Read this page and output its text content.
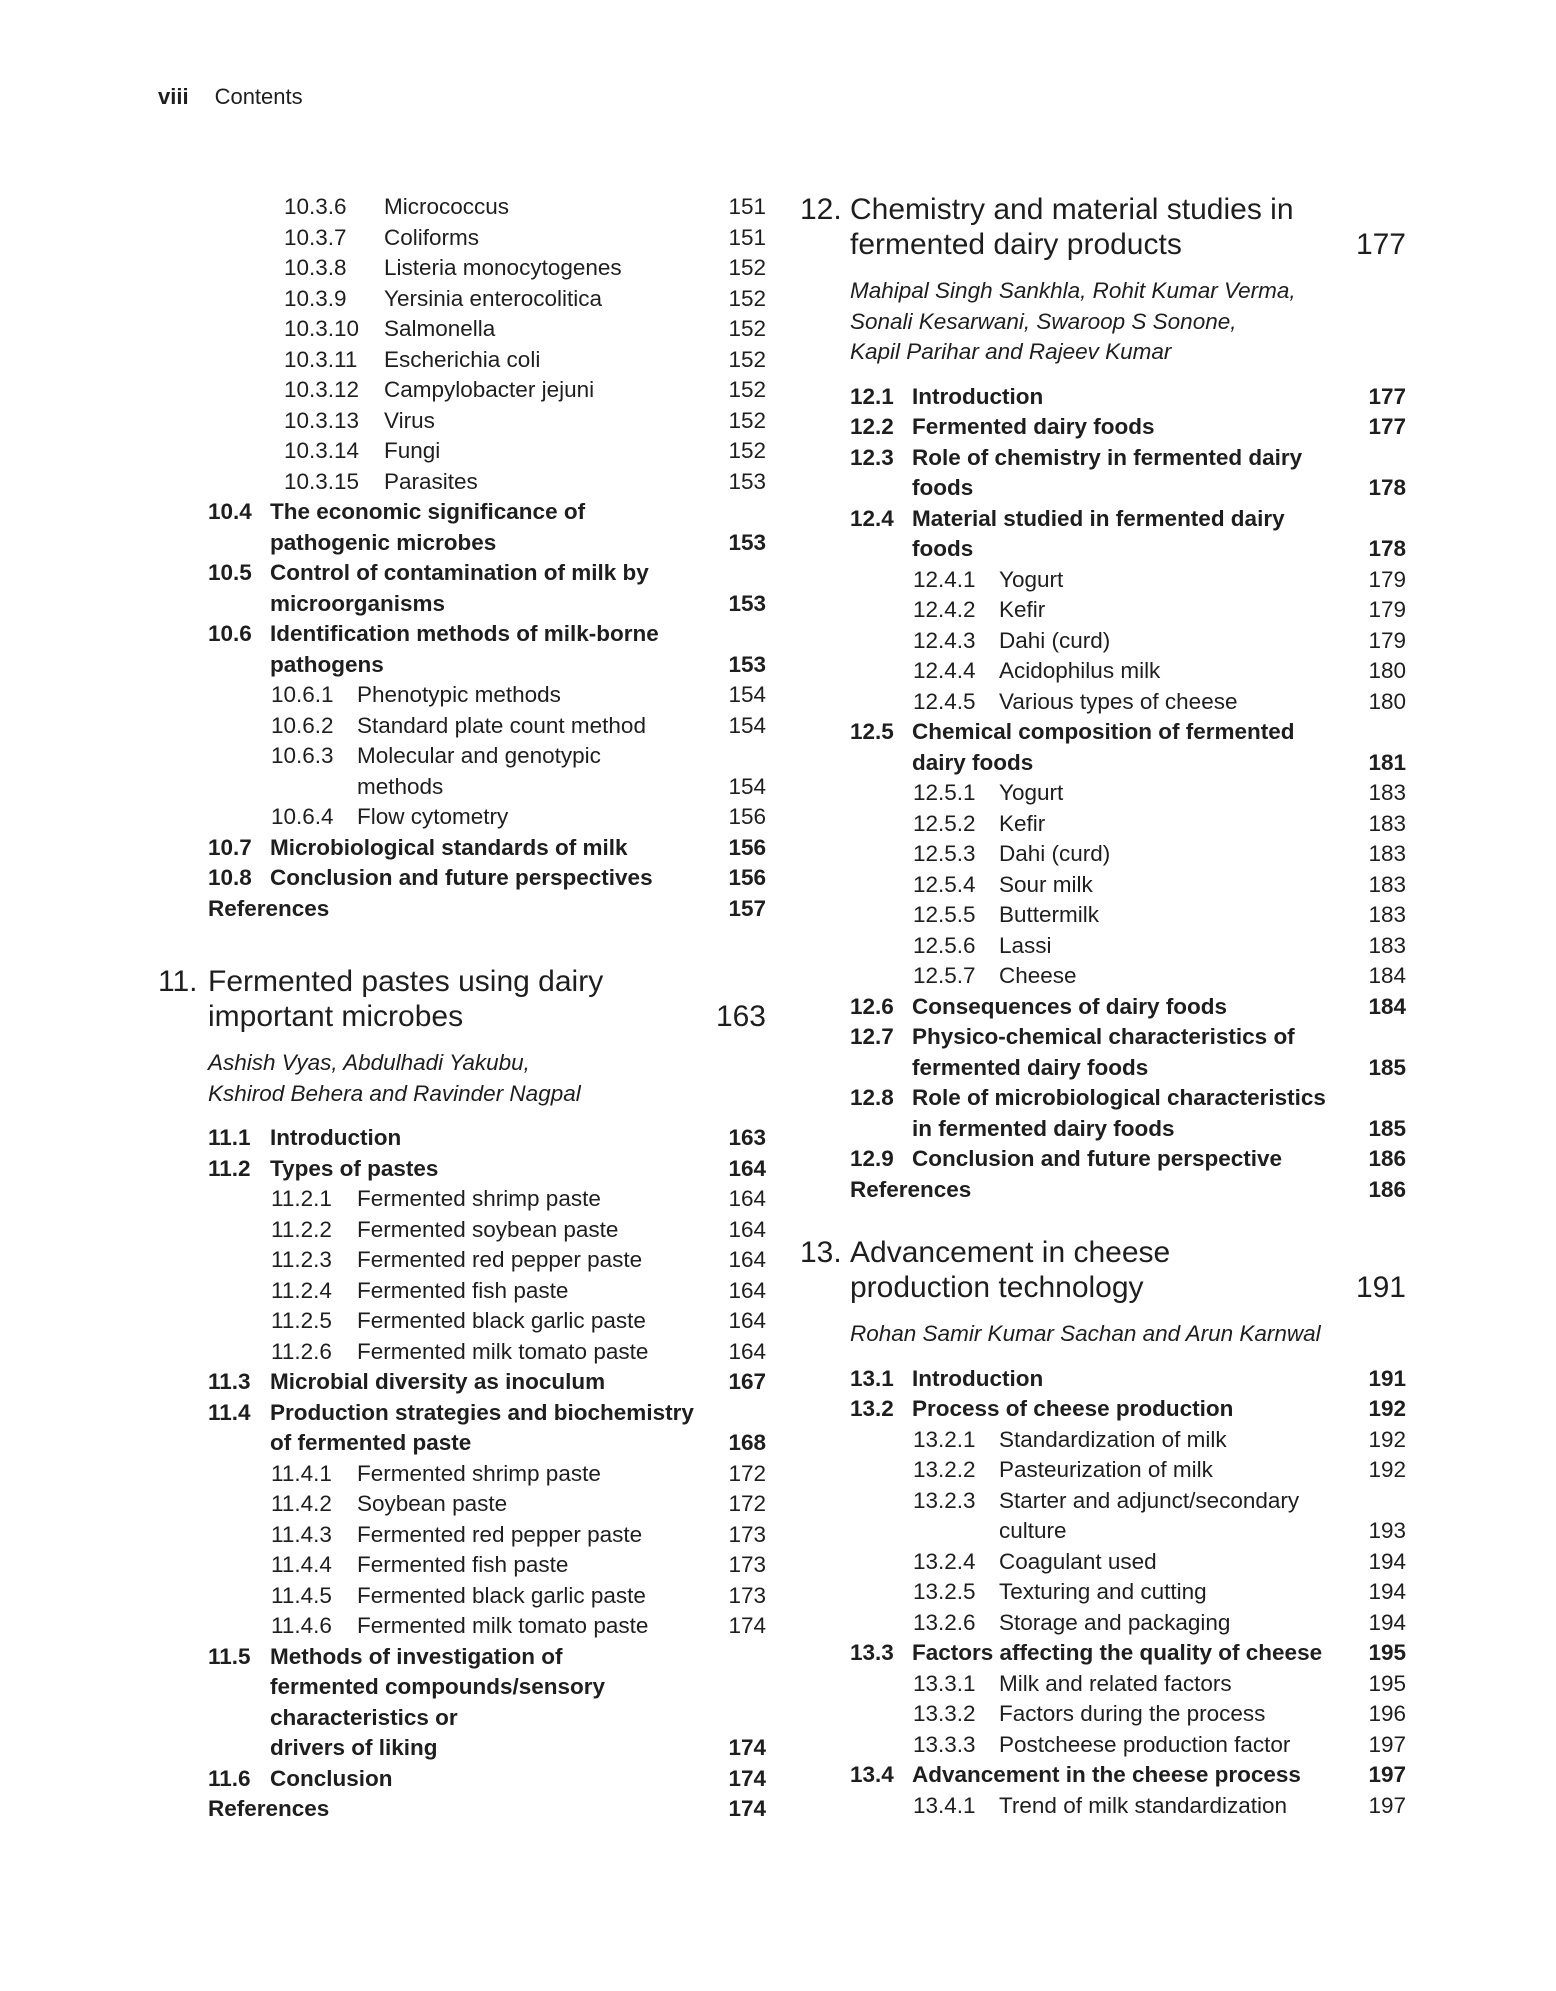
viii Contents
10.3.6	Micrococcus	151
10.3.7	Coliforms	151
10.3.8	Listeria monocytogenes	152
10.3.9	Yersinia enterocolitica	152
10.3.10	Salmonella	152
10.3.11	Escherichia coli	152
10.3.12	Campylobacter jejuni	152
10.3.13	Virus	152
10.3.14	Fungi	152
10.3.15	Parasites	153
10.4 The economic significance of
pathogenic microbes	153
10.5 Control of contamination of milk by
microorganisms	153
10.6 Identification methods of milk-borne
pathogens	153
10.6.1	Phenotypic methods	154
10.6.2	Standard plate count method	154
10.6.3	Molecular and genotypic
methods	154
10.6.4	Flow cytometry	156
10.7 Microbiological standards of milk	156
10.8 Conclusion and future perspectives	156
References	157
11. Fermented pastes using dairy
important microbes	163
Ashish Vyas, Abdulhadi Yakubu,
Kshirod Behera and Ravinder Nagpal
11.1 Introduction	163
11.2 Types of pastes	164
11.2.1	Fermented shrimp paste	164
11.2.2	Fermented soybean paste	164
11.2.3	Fermented red pepper paste	164
11.2.4	Fermented fish paste	164
11.2.5	Fermented black garlic paste	164
11.2.6	Fermented milk tomato paste	164
11.3 Microbial diversity as inoculum	167
11.4 Production strategies and biochemistry
of fermented paste	168
11.4.1	Fermented shrimp paste	172
11.4.2	Soybean paste	172
11.4.3	Fermented red pepper paste	173
11.4.4	Fermented fish paste	173
11.4.5	Fermented black garlic paste	173
11.4.6	Fermented milk tomato paste	174
11.5 Methods of investigation of
fermented compounds/sensory
characteristics or
drivers of liking	174
11.6 Conclusion	174
References	174
12. Chemistry and material studies in
fermented dairy products	177
Mahipal Singh Sankhla, Rohit Kumar Verma,
Sonali Kesarwani, Swaroop S Sonone,
Kapil Parihar and Rajeev Kumar
12.1 Introduction	177
12.2 Fermented dairy foods	177
12.3 Role of chemistry in fermented dairy
foods	178
12.4 Material studied in fermented dairy
foods	178
12.4.1	Yogurt	179
12.4.2	Kefir	179
12.4.3	Dahi (curd)	179
12.4.4	Acidophilus milk	180
12.4.5	Various types of cheese	180
12.5 Chemical composition of fermented
dairy foods	181
12.5.1	Yogurt	183
12.5.2	Kefir	183
12.5.3	Dahi (curd)	183
12.5.4	Sour milk	183
12.5.5	Buttermilk	183
12.5.6	Lassi	183
12.5.7	Cheese	184
12.6 Consequences of dairy foods	184
12.7 Physico-chemical characteristics of
fermented dairy foods	185
12.8 Role of microbiological characteristics
in fermented dairy foods	185
12.9 Conclusion and future perspective	186
References	186
13. Advancement in cheese
production technology	191
Rohan Samir Kumar Sachan and Arun Karnwal
13.1 Introduction	191
13.2 Process of cheese production	192
13.2.1	Standardization of milk	192
13.2.2	Pasteurization of milk	192
13.2.3	Starter and adjunct/secondary
culture	193
13.2.4	Coagulant used	194
13.2.5	Texturing and cutting	194
13.2.6	Storage and packaging	194
13.3 Factors affecting the quality of cheese	195
13.3.1	Milk and related factors	195
13.3.2	Factors during the process	196
13.3.3	Postcheese production factor	197
13.4 Advancement in the cheese process	197
13.4.1	Trend of milk standardization	197
